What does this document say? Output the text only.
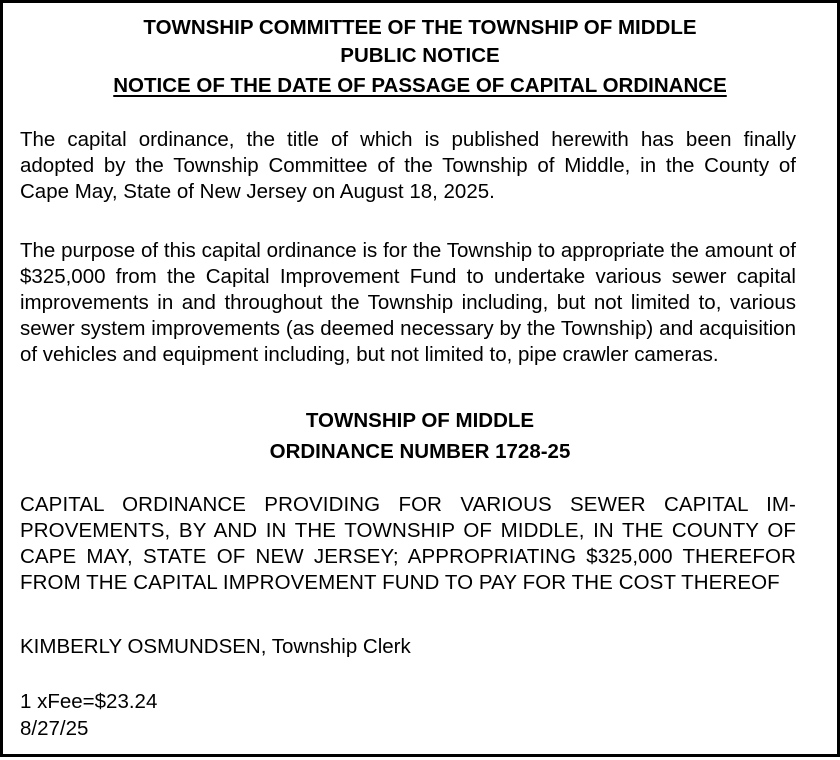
TOWNSHIP COMMITTEE OF THE TOWNSHIP OF MIDDLE
PUBLIC NOTICE
NOTICE OF THE DATE OF PASSAGE OF CAPITAL ORDINANCE
The capital ordinance, the title of which is published herewith has been finally adopted by the Township Committee of the Township of Middle, in the County of Cape May, State of New Jersey on August 18, 2025.
The purpose of this capital ordinance is for the Township to appropriate the amount of $325,000 from the Capital Improvement Fund to undertake various sewer capital improvements in and throughout the Township including, but not limited to, various sewer system improvements (as deemed necessary by the Township) and acquisition of vehicles and equipment including, but not limited to, pipe crawler cameras.
TOWNSHIP OF MIDDLE
ORDINANCE NUMBER 1728-25
CAPITAL ORDINANCE PROVIDING FOR VARIOUS SEWER CAPITAL IM-PROVEMENTS, BY AND IN THE TOWNSHIP OF MIDDLE, IN THE COUNTY OF CAPE MAY, STATE OF NEW JERSEY; APPROPRIATING $325,000 THEREFOR FROM THE CAPITAL IMPROVEMENT FUND TO PAY FOR THE COST THEREOF
KIMBERLY OSMUNDSEN, Township Clerk
1 xFee=$23.24
8/27/25
